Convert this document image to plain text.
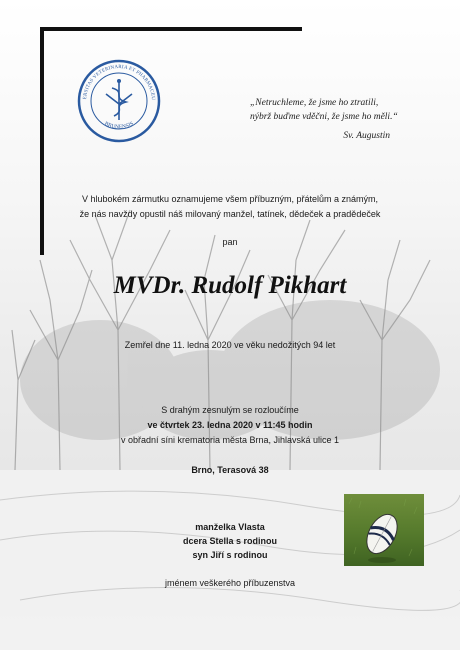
ERSITAS VETERINARIA ET PHARMACEU
BRUNENSIS
„Netruchleme, že jsme ho ztratili,
nýbrž buďme vděčni, že jsme ho měli.“
Sv. Augustin
V hlubokém zármutku oznamujeme všem příbuzným, přátelům a známým,
že nás navždy opustil náš milovaný manžel, tatínek, dědeček a pradědeček
pan
MVDr. Rudolf Pikhart
Zemřel dne 11. ledna 2020 ve věku nedožitých 94 let
S drahým zesnulým se rozloučíme
ve čtvrtek 23. ledna 2020 v 11:45 hodin
v obřadní síni krematoria města Brna, Jihlavská ulice 1
Brno, Terasová 38
manželka Vlasta
dcera Stella s rodinou
syn Jiří s rodinou
jménem veškerého příbuzenstva
